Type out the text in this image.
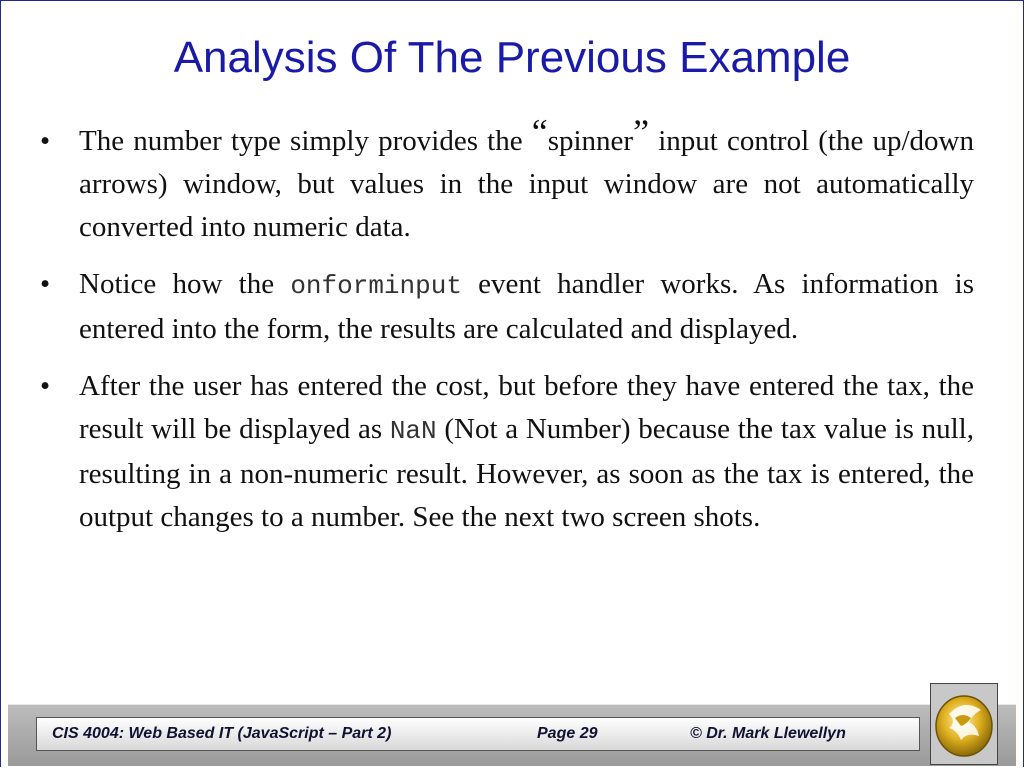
Analysis Of The Previous Example
• The number type simply provides the “spinner” input control (the up/down arrows) window, but values in the input window are not automatically converted into numeric data.
• Notice how the onforminput event handler works. As information is entered into the form, the results are calculated and displayed.
• After the user has entered the cost, but before they have entered the tax, the result will be displayed as NaN (Not a Number) because the tax value is null, resulting in a non-numeric result. However, as soon as the tax is entered, the output changes to a number. See the next two screen shots.
CIS 4004: Web Based IT (JavaScript – Part 2)	Page 29	© Dr. Mark Llewellyn
